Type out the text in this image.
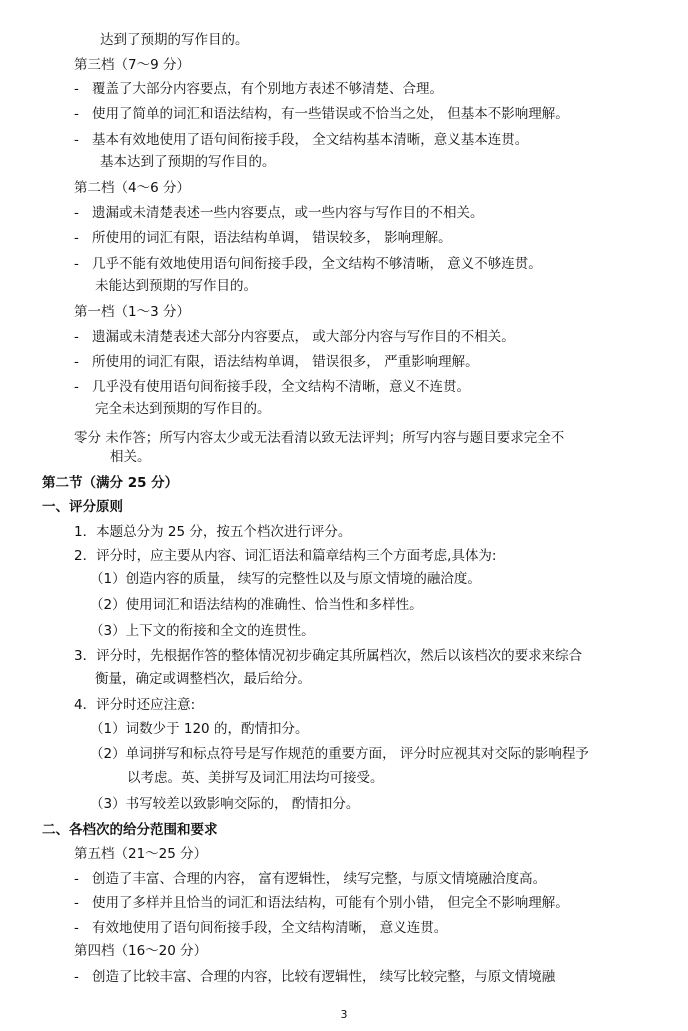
达到了预期的写作目的。
第三档（7～9 分）
- 覆盖了大部分内容要点，有个别地方表述不够清楚、合理。
- 使用了简单的词汇和语法结构，有一些错误或不恰当之处， 但基本不影响理解。
- 基本有效地使用了语句间衔接手段， 全文结构基本清晰，意义基本连贯。
基本达到了预期的写作目的。
第二档（4～6 分）
- 遗漏或未清楚表述一些内容要点，或一些内容与写作目的不相关。
- 所使用的词汇有限，语法结构单调， 错误较多， 影响理解。
- 几乎不能有效地使用语句间衔接手段，全文结构不够清晰， 意义不够连贯。
未能达到预期的写作目的。
第一档（1～3 分）
- 遗漏或未清楚表述大部分内容要点， 或大部分内容与写作目的不相关。
- 所使用的词汇有限，语法结构单调， 错误很多， 严重影响理解。
- 几乎没有使用语句间衔接手段，全文结构不清晰，意义不连贯。
完全未达到预期的写作目的。
零分 未作答；所写内容太少或无法看清以致无法评判；所写内容与题目要求完全不
相关。
第二节（满分 25 分）
一、评分原则
1．本题总分为 25 分，按五个档次进行评分。
2．评分时，应主要从内容、词汇语法和篇章结构三个方面考虑,具体为:
（1）创造内容的质量， 续写的完整性以及与原文情境的融洽度。
（2）使用词汇和语法结构的准确性、恰当性和多样性。
（3）上下文的衔接和全文的连贯性。
3．评分时，先根据作答的整体情况初步确定其所属档次，然后以该档次的要求来综合
衡量，确定或调整档次，最后给分。
4．评分时还应注意:
（1）词数少于 120 的，酌情扣分。
（2）单词拼写和标点符号是写作规范的重要方面， 评分时应视其对交际的影响程予
以考虑。英、美拼写及词汇用法均可接受。
（3）书写较差以致影响交际的， 酌情扣分。
二、各档次的给分范围和要求
第五档（21～25 分）
- 创造了丰富、合理的内容， 富有逻辑性， 续写完整，与原文情境融洽度高。
- 使用了多样并且恰当的词汇和语法结构，可能有个别小错， 但完全不影响理解。
- 有效地使用了语句间衔接手段，全文结构清晰， 意义连贯。
第四档（16～20 分）
- 创造了比较丰富、合理的内容，比较有逻辑性， 续写比较完整，与原文情境融
3
